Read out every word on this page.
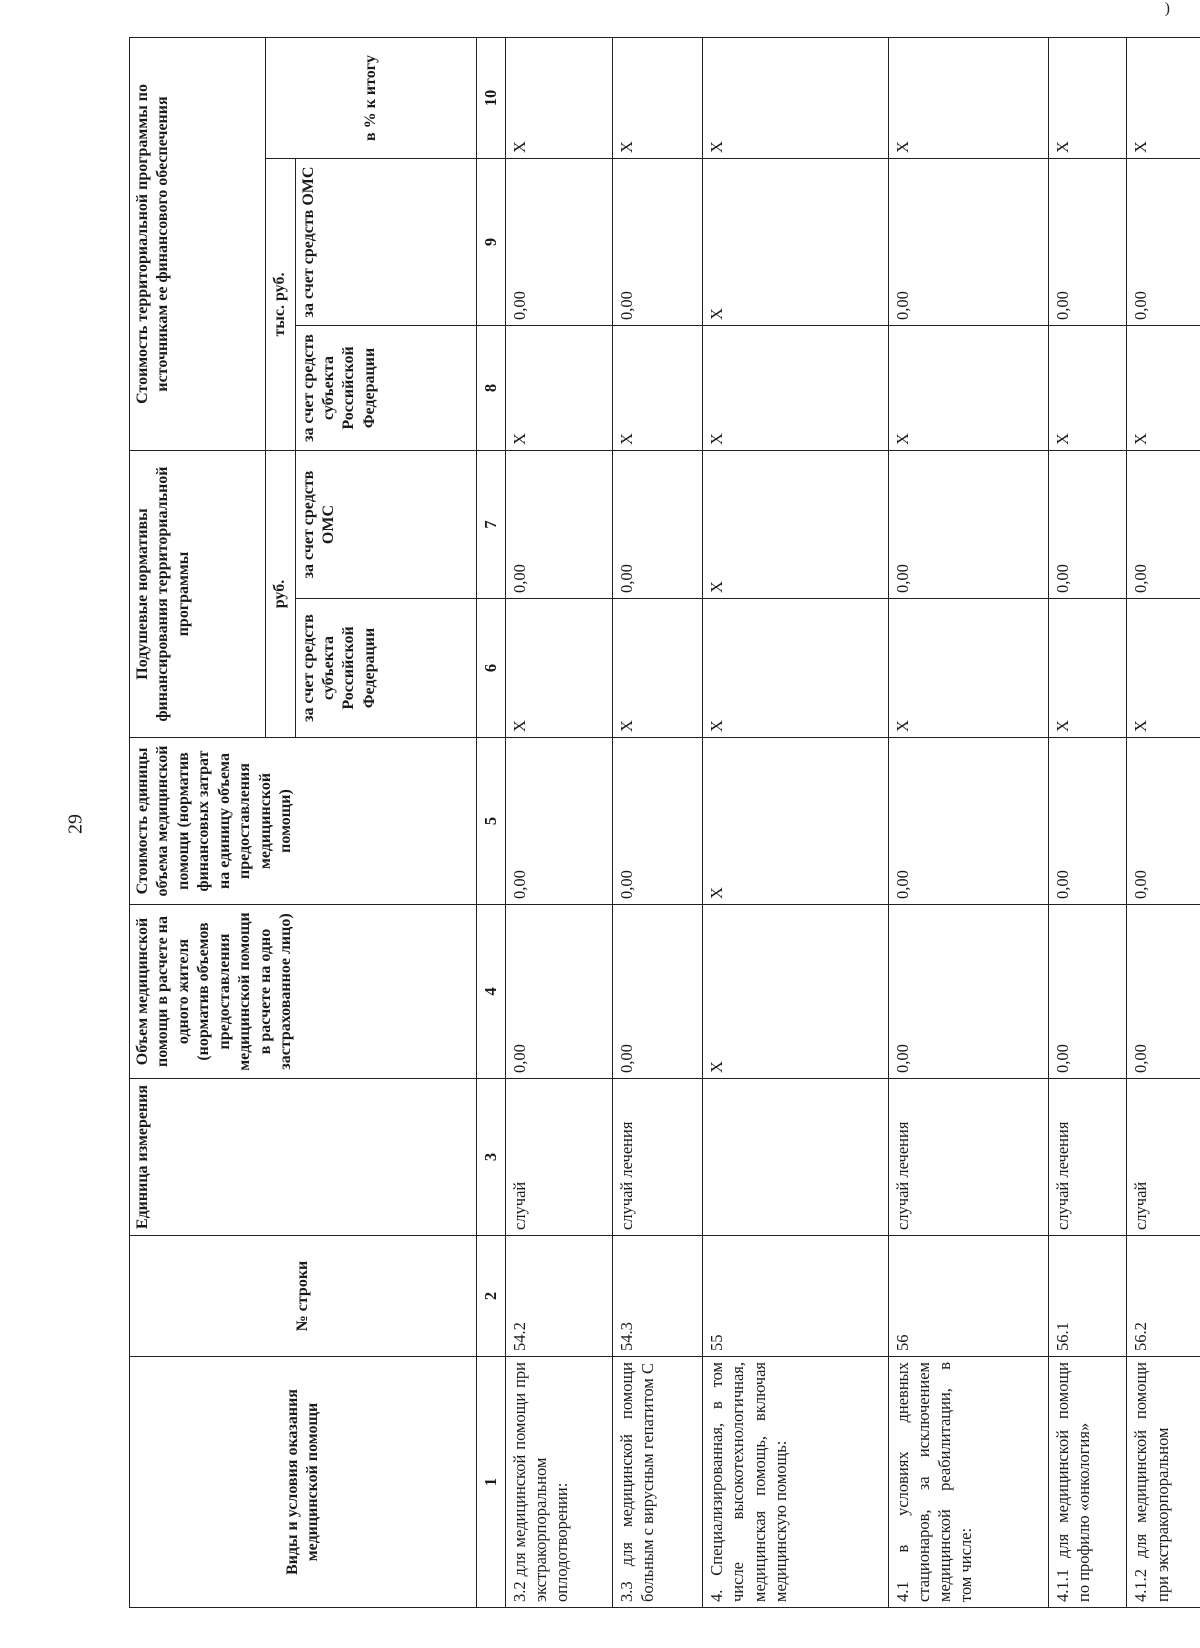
29
)
Виды и условия оказания медицинской помощи	№ строки	Единица измерения	Объем медицинской помощи в расчете на одного жителя (норматив объемов предоставления медицинской помощи в расчете на одно застрахованное лицо)	Стоимость единицы объема медицинской помощи (норматив финансовых затрат на единицу объема предоставления медицинской помощи)	Подушевые нормативы финансирования территориальной программы		Стоимость территориальной программы по источникам ее финансового обеспечения		
					руб.		тыс. руб.		в % к итогу
					за счет средств субъекта Российской Федерации	за счет средств ОМС	за счет средств субъекта Российской Федерации	за счет средств ОМС	
1	2	3	4	5	6	7	8	9	10
3.2 для медицинской помощи при экстракорпоральном оплодотворении:	54.2	случай	0,00	0,00	X	0,00	X	0,00	X
3.3 для медицинской помощи больным с вирусным гепатитом С	54.3	случай лечения	0,00	0,00	X	0,00	X	0,00	X
4. Специализированная, в том числе высокотехнологичная, медицинская помощь, включая медицинскую помощь:	55		X	X	X	X	X	X	X
4.1 в условиях дневных стационаров, за исключением медицинской реабилитации, в том числе:	56	случай лечения	0,00	0,00	X	0,00	X	0,00	X
4.1.1 для медицинской помощи по профилю «онкология»	56.1	случай лечения	0,00	0,00	X	0,00	X	0,00	X
4.1.2 для медицинской помощи при экстракорпоральном	56.2	случай	0,00	0,00	X	0,00	X	0,00	X
